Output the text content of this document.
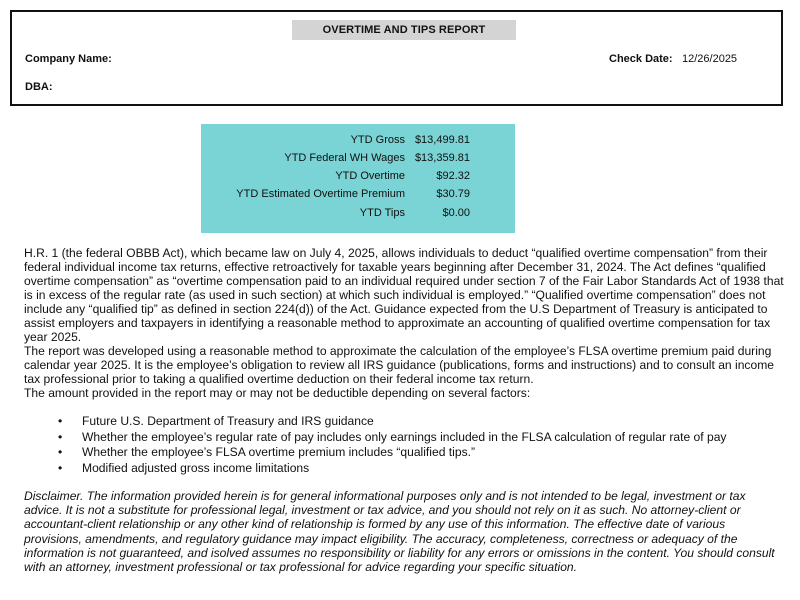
OVERTIME AND TIPS REPORT
Company Name:
DBA:
Check Date: 12/26/2025
YTD Gross $13,499.81
YTD Federal WH Wages $13,359.81
YTD Overtime	$92.32
YTD Estimated Overtime Premium	$30.79
YTD Tips	$0.00

H.R. 1 (the federal OBBB Act), which became law on July 4, 2025, allows individuals to deduct “qualified overtime compensation” from their federal individual income tax returns, effective retroactively for taxable years beginning after December 31, 2024. The Act defines “qualified overtime compensation” as “overtime compensation paid to an individual required under section 7 of the Fair Labor Standards Act of 1938 that is in excess of the regular rate (as used in such section) at which such individual is employed.” “Qualified overtime compensation” does not include any “qualified tip” as defined in section 224(d)) of the Act. Guidance expected from the U.S Department of Treasury is anticipated to assist employers and taxpayers in identifying a reasonable method to approximate an accounting of qualified overtime compensation for tax year 2025.

The report was developed using a reasonable method to approximate the calculation of the employee’s FLSA overtime premium paid during calendar year 2025. It is the employee’s obligation to review all IRS guidance (publications, forms and instructions) and to consult an income tax professional prior to taking a qualified overtime deduction on their federal income tax return.

The amount provided in the report may or may not be deductible depending on several factors:

• Future U.S. Department of Treasury and IRS guidance
• Whether the employee’s regular rate of pay includes only earnings included in the FLSA calculation of regular rate of pay
• Whether the employee’s FLSA overtime premium includes “qualified tips.”
• Modified adjusted gross income limitations

Disclaimer. The information provided herein is for general informational purposes only and is not intended to be legal, investment or tax advice. It is not a substitute for professional legal, investment or tax advice, and you should not rely on it as such. No attorney-client or accountant-client relationship or any other kind of relationship is formed by any use of this information. The effective date of various provisions, amendments, and regulatory guidance may impact eligibility. The accuracy, completeness, correctness or adequacy of the information is not guaranteed, and isolved assumes no responsibility or liability for any errors or omissions in the content. You should consult with an attorney, investment professional or tax professional for advice regarding your specific situation.
